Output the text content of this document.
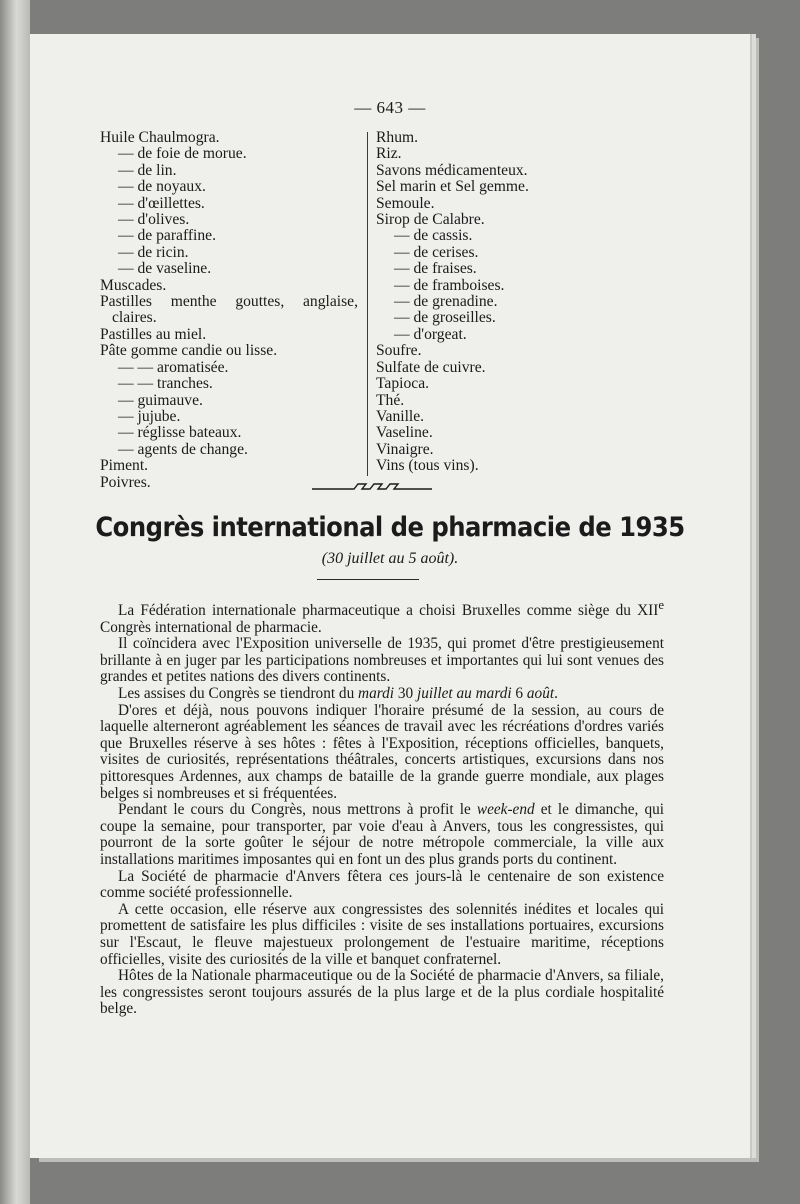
— 643 —
Huile Chaulmogra.
— de foie de morue.
— de lin.
— de noyaux.
— d'œillettes.
— d'olives.
— de paraffine.
— de ricin.
— de vaseline.
Muscades.
Pastilles menthe gouttes, anglaise,
claires.
Pastilles au miel.
Pâte gomme candie ou lisse.
— — aromatisée.
— — tranches.
— guimauve.
— jujube.
— réglisse bateaux.
— agents de change.
Piment.
Poivres.
Rhum.
Riz.
Savons médicamenteux.
Sel marin et Sel gemme.
Semoule.
Sirop de Calabre.
— de cassis.
— de cerises.
— de fraises.
— de framboises.
— de grenadine.
— de groseilles.
— d'orgeat.
Soufre.
Sulfate de cuivre.
Tapioca.
Thé.
Vanille.
Vaseline.
Vinaigre.
Vins (tous vins).
Congrès international de pharmacie de 1935
(30 juillet au 5 août).

La Fédération internationale pharmaceutique a choisi Bruxelles comme siège du XIIe Congrès international de pharmacie.

Il coïncidera avec l'Exposition universelle de 1935, qui promet d'être prestigieusement brillante à en juger par les participations nombreuses et importantes qui lui sont venues des grandes et petites nations des divers continents.

Les assises du Congrès se tiendront du mardi 30 juillet au mardi 6 août.

D'ores et déjà, nous pouvons indiquer l'horaire présumé de la session, au cours de laquelle alterneront agréablement les séances de travail avec les récréations d'ordres variés que Bruxelles réserve à ses hôtes : fêtes à l'Exposition, réceptions officielles, banquets, visites de curiosités, représentations théâtrales, concerts artistiques, excursions dans nos pittoresques Ardennes, aux champs de bataille de la grande guerre mondiale, aux plages belges si nombreuses et si fréquentées.

Pendant le cours du Congrès, nous mettrons à profit le week-end et le dimanche, qui coupe la semaine, pour transporter, par voie d'eau à Anvers, tous les congressistes, qui pourront de la sorte goûter le séjour de notre métropole commerciale, la ville aux installations maritimes imposantes qui en font un des plus grands ports du continent.

La Société de pharmacie d'Anvers fêtera ces jours-là le centenaire de son existence comme société professionnelle.

A cette occasion, elle réserve aux congressistes des solennités inédites et locales qui promettent de satisfaire les plus difficiles : visite de ses installations portuaires, excursions sur l'Escaut, le fleuve majestueux prolongement de l'estuaire maritime, réceptions officielles, visite des curiosités de la ville et banquet confraternel.

Hôtes de la Nationale pharmaceutique ou de la Société de pharmacie d'Anvers, sa filiale, les congressistes seront toujours assurés de la plus large et de la plus cordiale hospitalité belge.
